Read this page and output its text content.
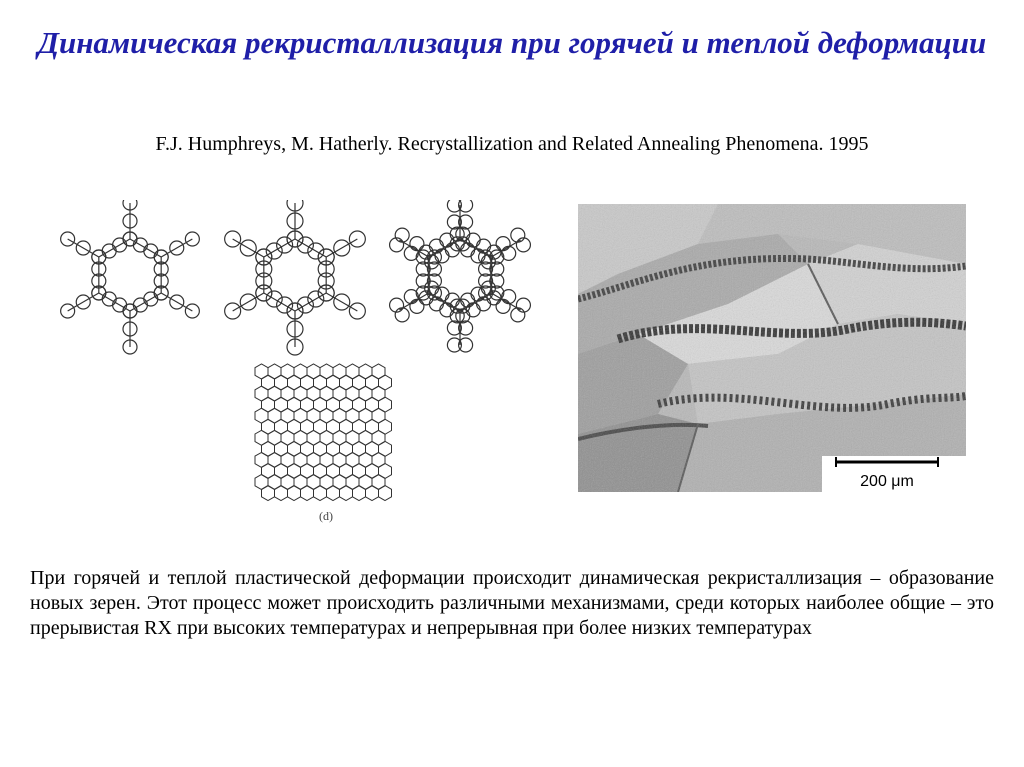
Динамическая рекристаллизация при горячей и теплой деформации
F.J. Humphreys, M. Hatherly. Recrystallization and Related Annealing Phenomena. 1995
(d)
200 μm
При горячей и теплой пластической деформации происходит динамическая рекристаллизация – образование новых зерен. Этот процесс может происходить различными механизмами, среди которых наиболее общие – это прерывистая RX при высоких температурах и непрерывная при более низких температурах
